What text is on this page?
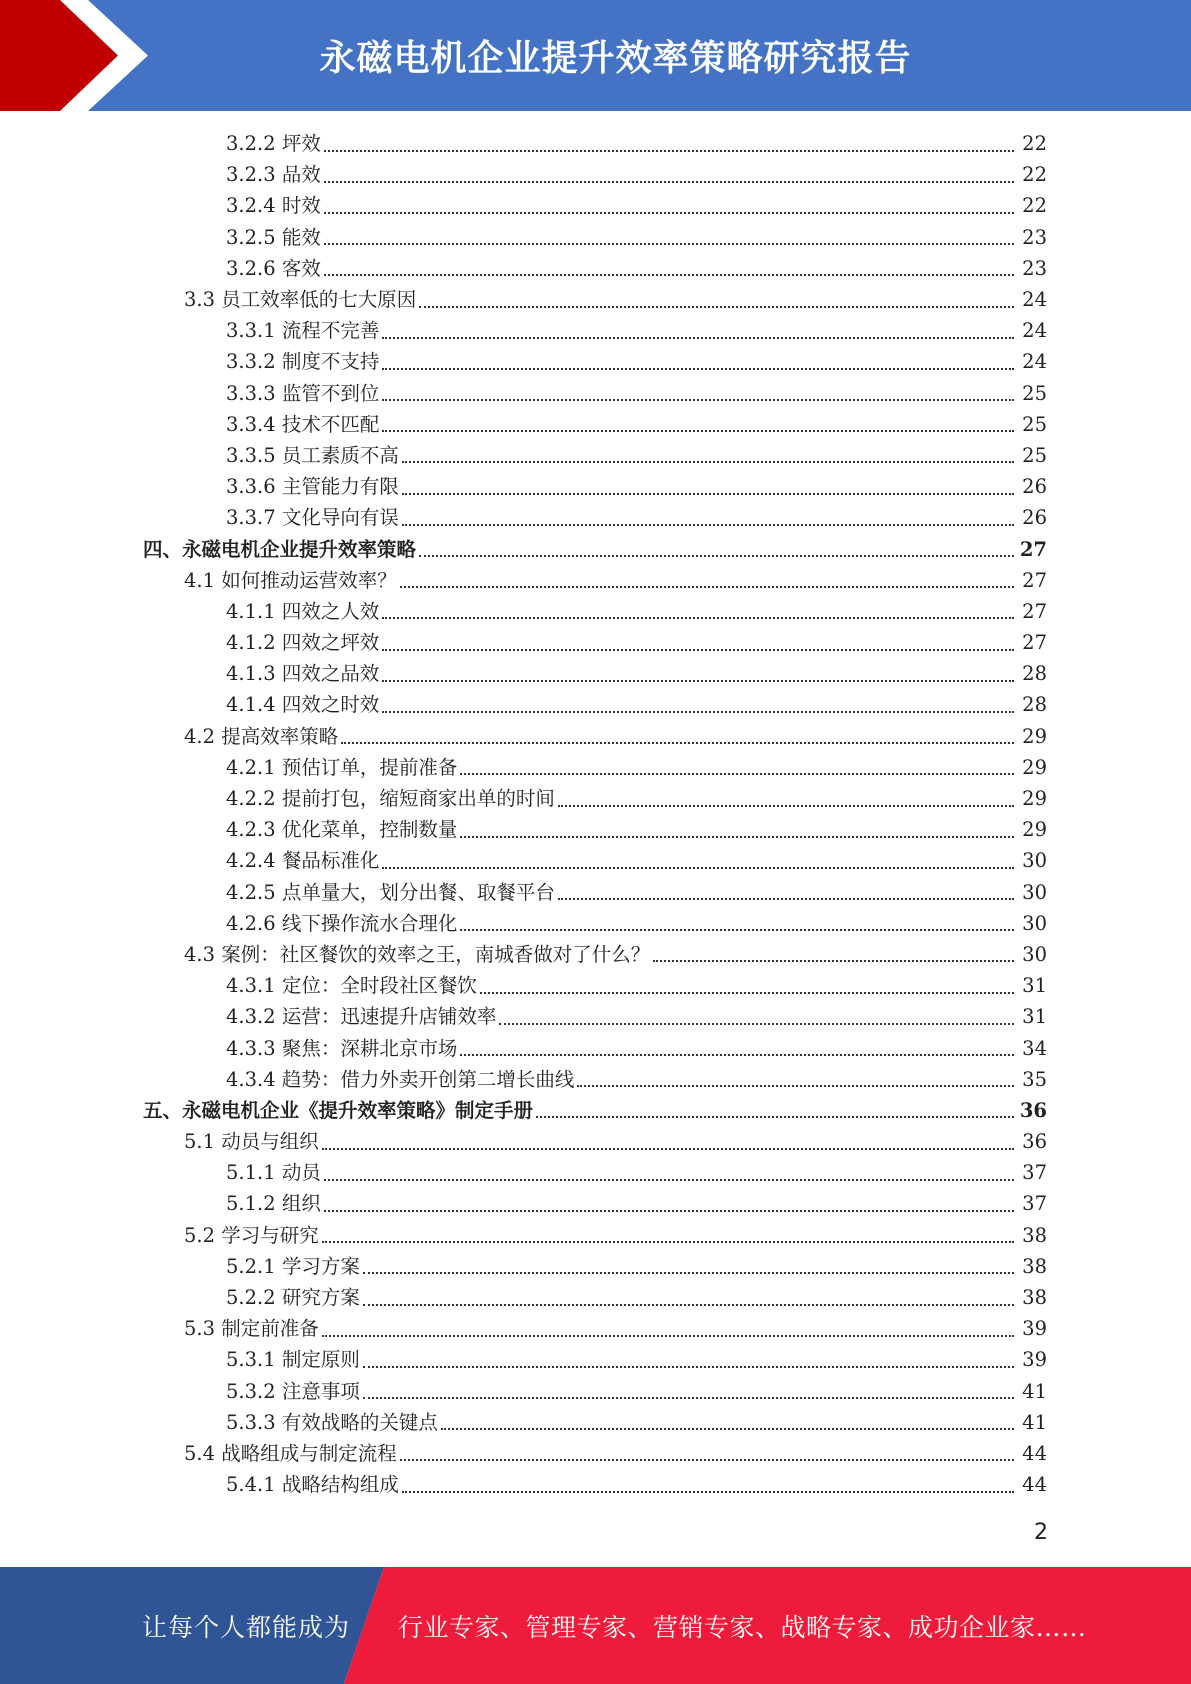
永磁电机企业提升效率策略研究报告
3.2.2 坪效	22
3.2.3 品效	22
3.2.4 时效	22
3.2.5 能效	23
3.2.6 客效	23
3.3 员工效率低的七大原因	24
3.3.1 流程不完善	24
3.3.2 制度不支持	24
3.3.3 监管不到位	25
3.3.4 技术不匹配	25
3.3.5 员工素质不高	25
3.3.6 主管能力有限	26
3.3.7 文化导向有误	26
四、永磁电机企业提升效率策略	27
4.1 如何推动运营效率？	27
4.1.1 四效之人效	27
4.1.2 四效之坪效	27
4.1.3 四效之品效	28
4.1.4 四效之时效	28
4.2 提高效率策略	29
4.2.1 预估订单，提前准备	29
4.2.2 提前打包，缩短商家出单的时间	29
4.2.3 优化菜单，控制数量	29
4.2.4 餐品标准化	30
4.2.5 点单量大，划分出餐、取餐平台	30
4.2.6 线下操作流水合理化	30
4.3 案例：社区餐饮的效率之王，南城香做对了什么？	30
4.3.1 定位：全时段社区餐饮	31
4.3.2 运营：迅速提升店铺效率	31
4.3.3 聚焦：深耕北京市场	34
4.3.4 趋势：借力外卖开创第二增长曲线	35
五、永磁电机企业《提升效率策略》制定手册	36
5.1 动员与组织	36
5.1.1 动员	37
5.1.2 组织	37
5.2 学习与研究	38
5.2.1 学习方案	38
5.2.2 研究方案	38
5.3 制定前准备	39
5.3.1 制定原则	39
5.3.2 注意事项	41
5.3.3 有效战略的关键点	41
5.4 战略组成与制定流程	44
5.4.1 战略结构组成	44
2
让每个人都能成为 行业专家、管理专家、营销专家、战略专家、成功企业家……
